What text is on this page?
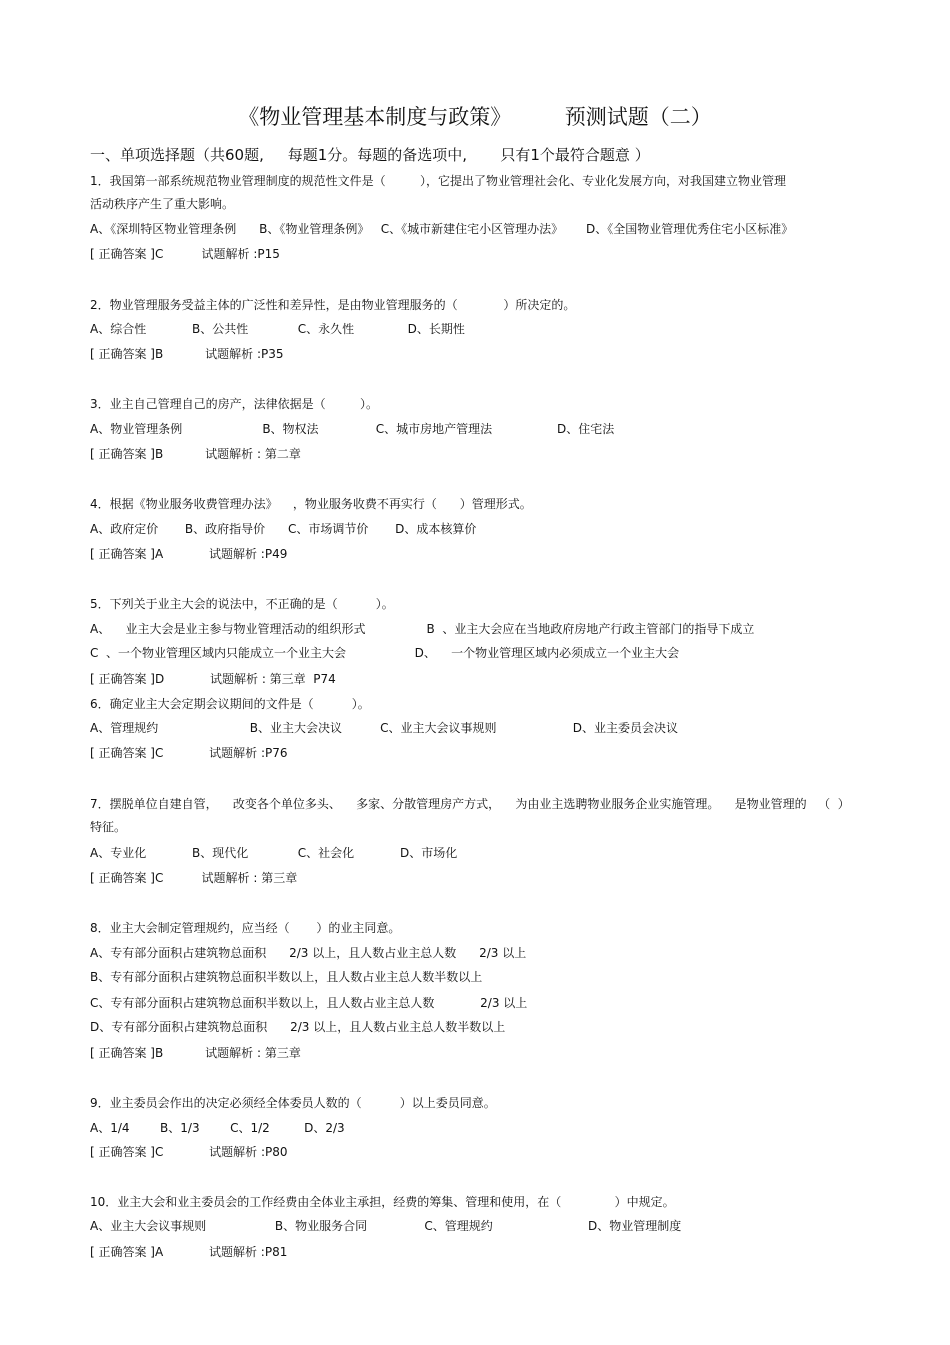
《物业管理基本制度与政策》        预测试题（二）
一、单项选择题（共60题,     每题1分。每题的备选项中,       只有1个最符合题意 ）
1．我国第一部系统规范物业管理制度的规范性文件是（         ），它提出了物业管理社会化、专业化发展方向，对我国建立物业管理
活动秩序产生了重大影响。
A、《深圳特区物业管理条例      B、《物业管理条例》   C、《城市新建住宅小区管理办法》      D、《全国物业管理优秀住宅小区标准》
[ 正确答案 ]C          试题解析 :P15
2．物业管理服务受益主体的广泛性和差异性，是由物业管理服务的（            ）所决定的。
A、综合性            B、公共性             C、永久性              D、长期性
[ 正确答案 ]B           试题解析 :P35
3．业主自己管理自己的房产，法律依据是（         ）。
A、物业管理条例                     B、物权法               C、城市房地产管理法                 D、住宅法
[ 正确答案 ]B           试题解析 : 第二章
4．根据《物业服务收费管理办法》    ，物业服务收费不再实行（      ）管理形式。
A、政府定价       B、政府指导价      C、市场调节价       D、成本核算价
[ 正确答案 ]A            试题解析 :P49
5．下列关于业主大会的说法中，不正确的是（          ）。
A、    业主大会是业主参与物业管理活动的组织形式                B  、业主大会应在当地政府房地产行政主管部门的指导下成立
C  、一个物业管理区域内只能成立一个业主大会                  D、    一个物业管理区域内必须成立一个业主大会
[ 正确答案 ]D            试题解析 : 第三章  P74
6．确定业主大会定期会议期间的文件是（          ）。
A、管理规约                        B、业主大会决议          C、业主大会议事规则                    D、业主委员会决议
[ 正确答案 ]C            试题解析 :P76
7．摆脱单位自建自管，    改变各个单位多头、    多家、分散管理房产方式，    为由业主选聘物业服务企业实施管理。    是物业管理的   （  ）
特征。
A、专业化            B、现代化             C、社会化            D、市场化
[ 正确答案 ]C          试题解析 : 第三章
8．业主大会制定管理规约，应当经（       ）的业主同意。
A、专有部分面积占建筑物总面积      2/3 以上，且人数占业主总人数      2/3 以上
B、专有部分面积占建筑物总面积半数以上，且人数占业主总人数半数以上
C、专有部分面积占建筑物总面积半数以上，且人数占业主总人数            2/3 以上
D、专有部分面积占建筑物总面积      2/3 以上，且人数占业主总人数半数以上
[ 正确答案 ]B           试题解析 : 第三章
9．业主委员会作出的决定必须经全体委员人数的（          ）以上委员同意。
A、1/4        B、1/3        C、1/2         D、2/3
[ 正确答案 ]C            试题解析 :P80
10．业主大会和业主委员会的工作经费由全体业主承担，经费的筹集、管理和使用，在（              ）中规定。
A、业主大会议事规则                  B、物业服务合同               C、管理规约                         D、物业管理制度
[ 正确答案 ]A            试题解析 :P81
